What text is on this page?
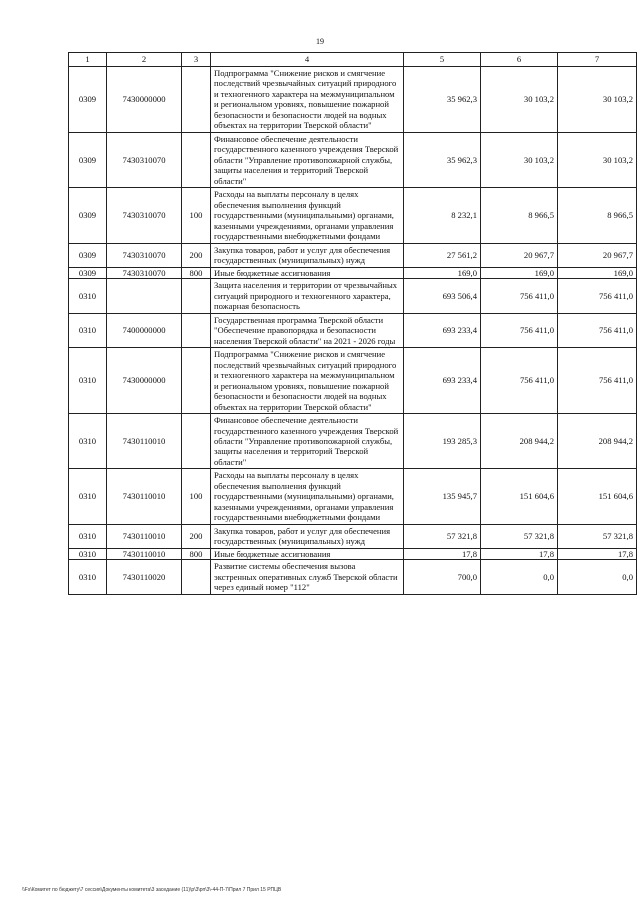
19
1	2	3	4	5	6	7
0309	7430000000		Подпрограмма "Снижение рисков и смягчение последствий чрезвычайных ситуаций природного и техногенного характера на межмуниципальном и региональном уровнях, повышение пожарной безопасности и безопасности людей на водных объектах на территории Тверской области"	35 962,3	30 103,2	30 103,2
0309	7430310070		Финансовое обеспечение деятельности государственного казенного учреждения Тверской области "Управление противопожарной службы, защиты населения и территорий Тверской области"	35 962,3	30 103,2	30 103,2
0309	7430310070	100	Расходы на выплаты персоналу в целях обеспечения выполнения функций государственными (муниципальными) органами, казенными учреждениями, органами управления государственными внебюджетными фондами	8 232,1	8 966,5	8 966,5
0309	7430310070	200	Закупка товаров, работ и услуг для обеспечения государственных (муниципальных) нужд	27 561,2	20 967,7	20 967,7
0309	7430310070	800	Иные бюджетные ассигнования	169,0	169,0	169,0
0310			Защита населения и территории от чрезвычайных ситуаций природного и техногенного характера, пожарная безопасность	693 506,4	756 411,0	756 411,0
0310	7400000000		Государственная программа Тверской области "Обеспечение правопорядка и безопасности населения Тверской области" на 2021 - 2026 годы	693 233,4	756 411,0	756 411,0
0310	7430000000		Подпрограмма "Снижение рисков и смягчение последствий чрезвычайных ситуаций природного и техногенного характера на межмуниципальном и региональном уровнях, повышение пожарной безопасности и безопасности людей на водных объектах на территории Тверской области"	693 233,4	756 411,0	756 411,0
0310	7430110010		Финансовое обеспечение деятельности государственного казенного учреждения Тверской области "Управление противопожарной службы, защиты населения и территорий Тверской области"	193 285,3	208 944,2	208 944,2
0310	7430110010	100	Расходы на выплаты персоналу в целях обеспечения выполнения функций государственными (муниципальными) органами, казенными учреждениями, органами управления государственными внебюджетными фондами	135 945,7	151 604,6	151 604,6
0310	7430110010	200	Закупка товаров, работ и услуг для обеспечения государственных (муниципальных) нужд	57 321,8	57 321,8	57 321,8
0310	7430110010	800	Иные бюджетные ассигнования	17,8	17,8	17,8
0310	7430110020		Развитие системы обеспечения вызова экстренных оперативных служб Тверской области через единый номер "112"	700,0	0,0	0,0
\\Fs\Комитет по бюджету\7 сессия\Документы комитета\3 заседание (11)\р\3\рп\3\-44-П-7\Прил 7 Прил 15 РПЦВ
